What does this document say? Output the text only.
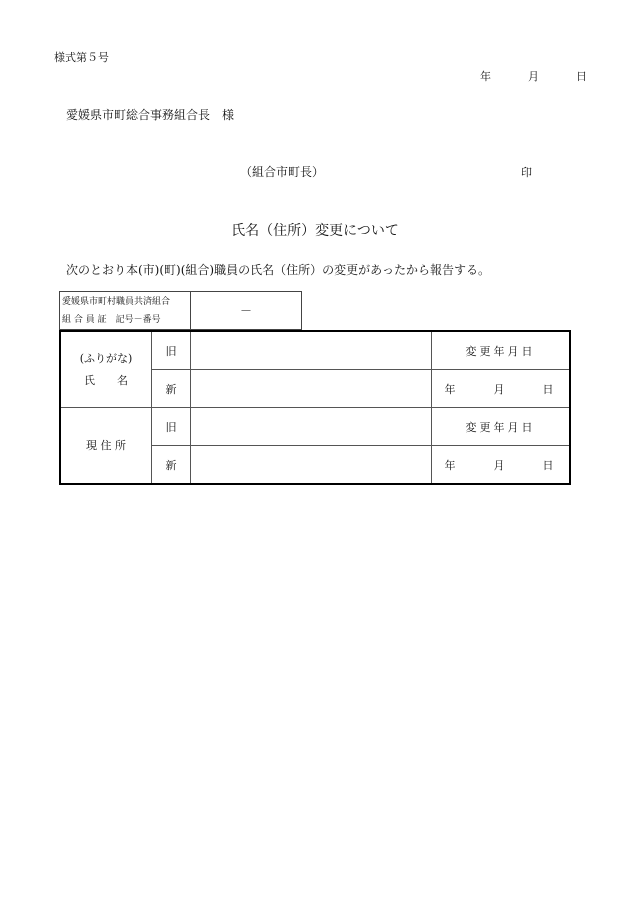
様式第５号
年	月	日
愛媛県市町総合事務組合長　様
（組合市町長）	印
氏名（住所）変更について
次のとおり本(市)(町)(組合)職員の氏名（住所）の変更があったから報告する。
愛媛県市町村職員共済組合
組 合 員 証　記号－番号
	－
(ふりがな)
氏　　名	旧		変更年月日
	新		年 月 日
現 住 所	旧		変更年月日
	新		年 月 日
